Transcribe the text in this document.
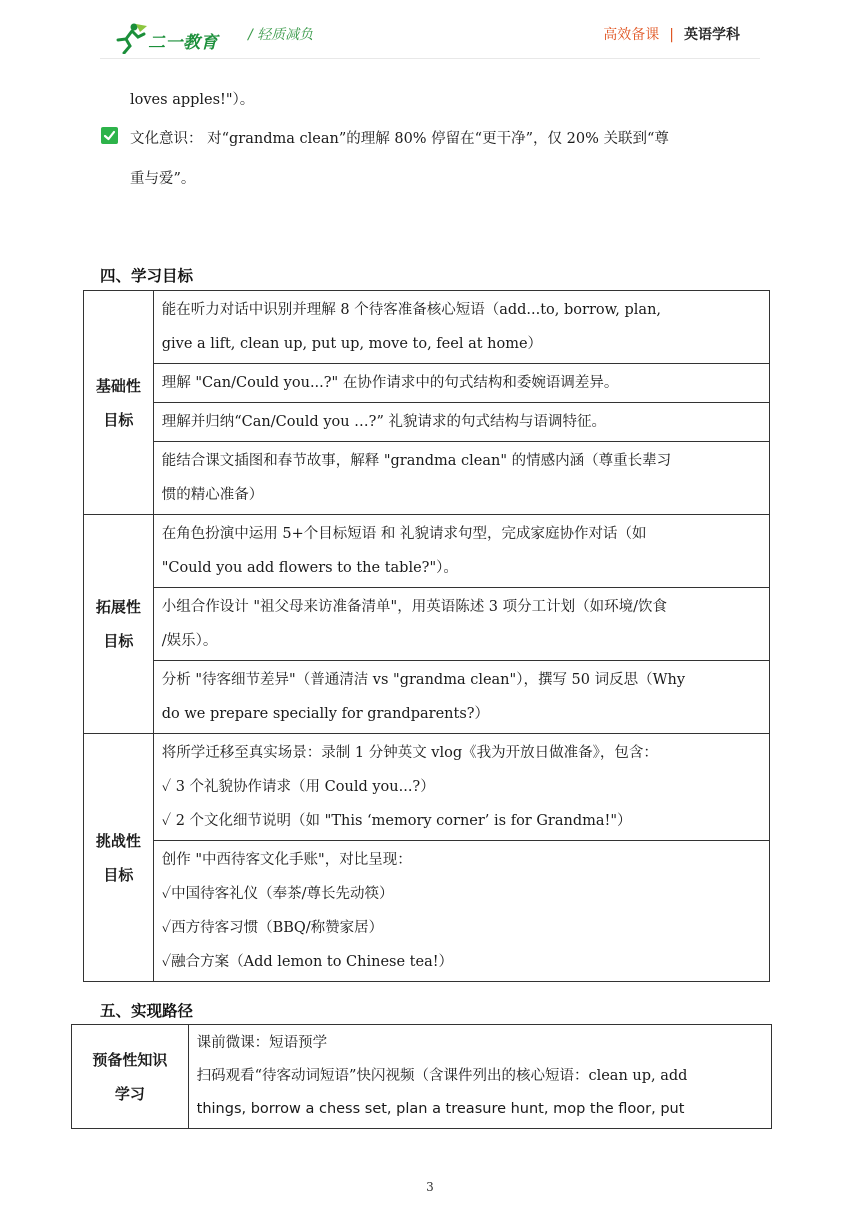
二一教育 / 轻质减负	高效备课 | 英语学科
loves apples!"）。
文化意识： 对“grandma clean”的理解 80% 停留在“更干净”，仅 20% 关联到“尊
重与爱”。
四、学习目标
基础性
目标	能在听力对话中识别并理解 8 个待客准备核心短语（add...to, borrow, plan,
give a lift, clean up, put up, move to, feel at home）

	理解 "Can/Could you...?" 在协作请求中的句式结构和委婉语调差异。

	理解并归纳“Can/Could you …?” 礼貌请求的句式结构与语调特征。

	能结合课文插图和春节故事，解释 "grandma clean" 的情感内涵（尊重长辈习
惯的精心准备）

拓展性
目标	在角色扮演中运用 5+个目标短语 和 礼貌请求句型，完成家庭协作对话（如
"Could you add flowers to the table?"）。

	小组合作设计 "祖父母来访准备清单"，用英语陈述 3 项分工计划（如环境/饮食
/娱乐）。

	分析 "待客细节差异"（普通清洁 vs "grandma clean"），撰写 50 词反思（Why
do we prepare specially for grandparents?）

挑战性
目标	将所学迁移至真实场景：录制 1 分钟英文 vlog《我为开放日做准备》，包含：
✓ 3 个礼貌协作请求（用 Could you...?）
✓ 2 个文化细节说明（如 "This ‘memory corner’ is for Grandma!"）

	创作 "中西待客文化手账"，对比呈现：
✓中国待客礼仪（奉茶/尊长先动筷）
✓西方待客习惯（BBQ/称赞家居）
✓融合方案（Add lemon to Chinese tea!）
五、实现路径
预备性知识
学习

课前微课：短语预学
扫码观看“待客动词短语”快闪视频（含课件列出的核心短语：clean up, add
things, borrow a chess set, plan a treasure hunt, mop the floor, put
3
